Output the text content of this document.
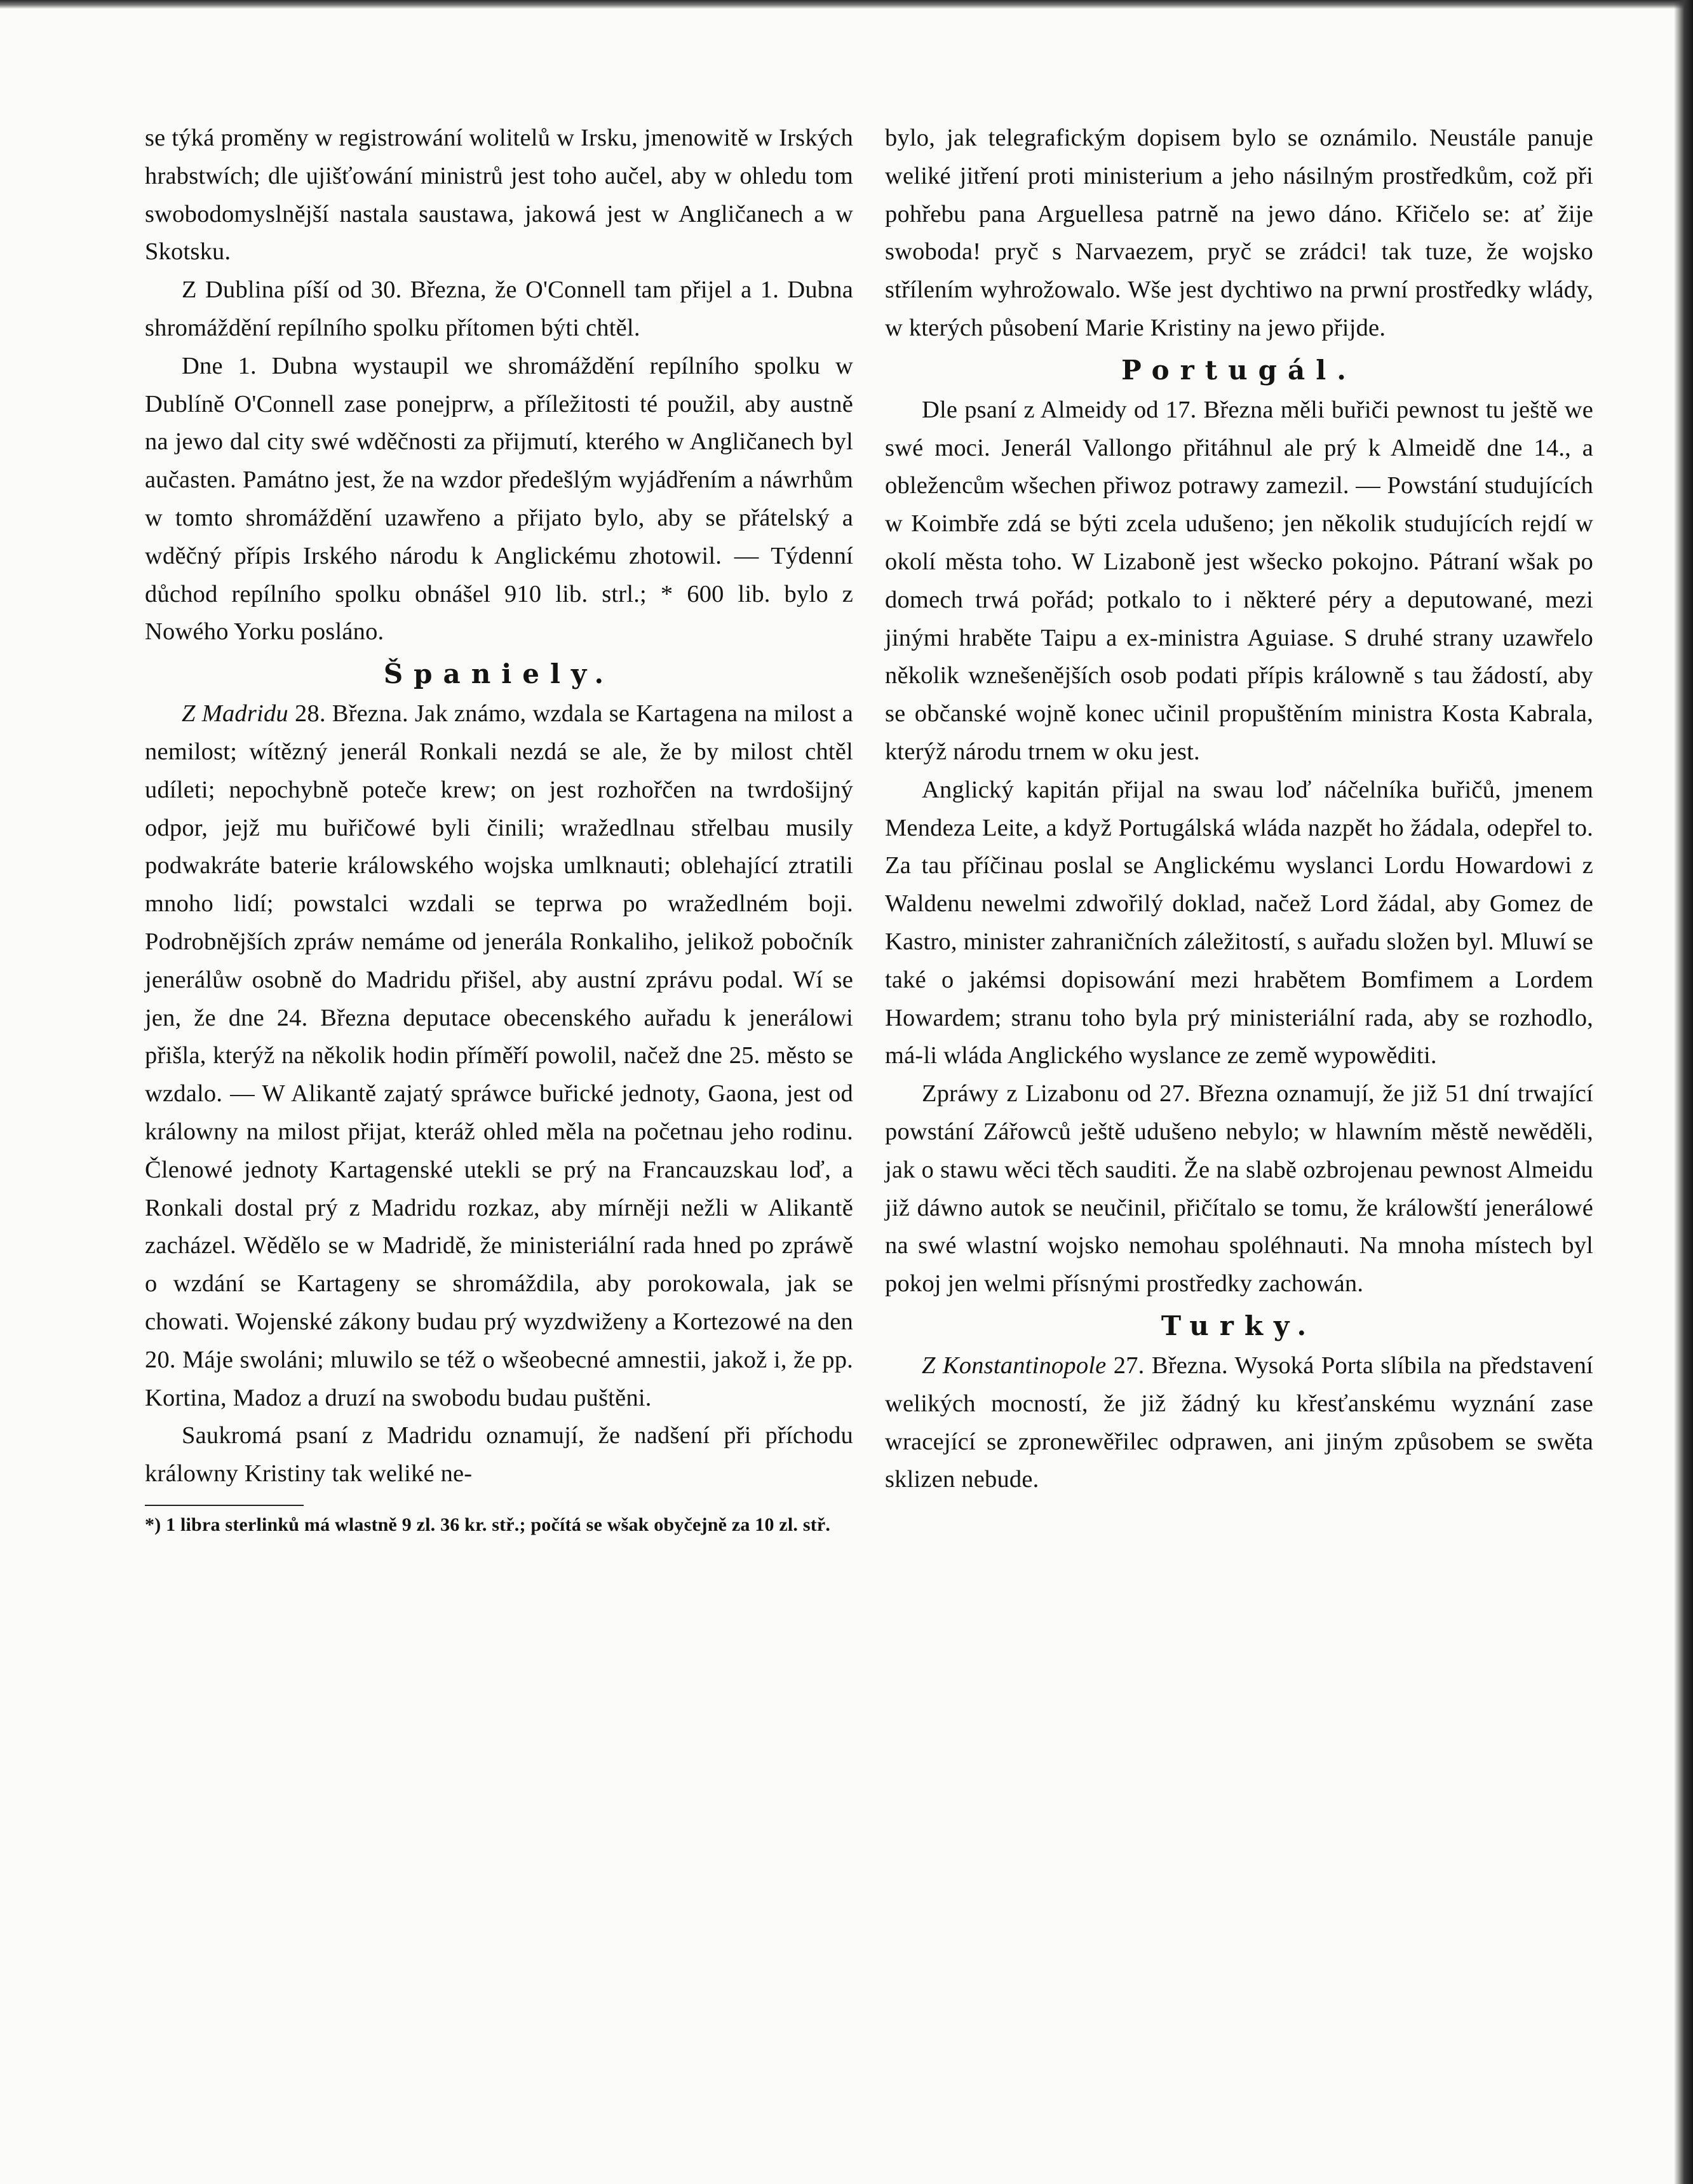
se týká proměny w registrowání wolitelů w Irsku, jmenowitě w Irských hrabstwích; dle ujišťowání ministrů jest toho aučel, aby w ohledu tom swobodomyslnější nastala saustawa, jakowá jest w Angličanech a w Skotsku.

Z Dublina píší od 30. Března, že O'Connell tam přijel a 1. Dubna shromáždění repílního spolku přítomen býti chtěl.

Dne 1. Dubna wystaupil we shromáždění repílního spolku w Dublíně O'Connell zase ponejprw, a příležitosti té použil, aby austně na jewo dal city swé wděčnosti za přijmutí, kterého w Angličanech byl aučasten. Památno jest, že na wzdor předešlým wyjádřením a náwrhům w tomto shromáždění uzawřeno a přijato bylo, aby se přátelský a wděčný přípis Irského národu k Anglickému zhotowil. — Týdenní důchod repílního spolku obnášel 910 lib. strl.; * 600 lib. bylo z Nowého Yorku posláno.

Španiely.

Z Madridu 28. Března. Jak známo, wzdala se Kartagena na milost a nemilost; wítězný jenerál Ronkali nezdá se ale, že by milost chtěl udíleti; nepochybně poteče krew; on jest rozhořčen na twrdošijný odpor, jejž mu buřičowé byli činili; wražedlnau střelbau musily podwakráte baterie králowského wojska umlknauti; oblehající ztratili mnoho lidí; powstalci wzdali se teprwa po wražedlném boji. Podrobnějších zpráw nemáme od jenerála Ronkaliho, jelikož pobočník jenerálůw osobně do Madridu přišel, aby austní zprávu podal. Wí se jen, že dne 24. Března deputace obecenského auřadu k jenerálowi přišla, kterýž na několik hodin příměří powolil, načež dne 25. město se wzdalo. — W Alikantě zajatý spráwce buřické jednoty, Gaona, jest od králowny na milost přijat, kteráž ohled měla na početnau jeho rodinu. Členowé jednoty Kartagenské utekli se prý na Francauzskau loď, a Ronkali dostal prý z Madridu rozkaz, aby mírněji nežli w Alikantě zacházel. Wědělo se w Madridě, že ministeriální rada hned po zpráwě o wzdání se Kartageny se shromáždila, aby porokowala, jak se chowati. Wojenské zákony budau prý wyzdwiženy a Kortezowé na den 20. Máje swoláni; mluwilo se též o wšeobecné amnestii, jakož i, že pp. Kortina, Madoz a druzí na swobodu budau puštěni.

Saukromá psaní z Madridu oznamují, že nadšení při příchodu králowny Kristiny tak weliké ne-

*) 1 libra sterlinků má wlastně 9 zl. 36 kr. stř.; počítá se wšak obyčejně za 10 zl. stř.

bylo, jak telegrafickým dopisem bylo se oznámilo. Neustále panuje weliké jitření proti ministerium a jeho násilným prostředkům, což při pohřebu pana Arguellesa patrně na jewo dáno. Křičelo se: ať žije swoboda! pryč s Narvaezem, pryč se zrádci! tak tuze, že wojsko střílením wyhrožowalo. Wše jest dychtiwo na prwní prostředky wlády, w kterých působení Marie Kristiny na jewo přijde.

Portugál.

Dle psaní z Almeidy od 17. Března měli buřiči pewnost tu ještě we swé moci. Jenerál Vallongo přitáhnul ale prý k Almeidě dne 14., a obležencům wšechen přiwoz potrawy zamezil. — Powstání studujících w Koimbře zdá se býti zcela udušeno; jen několik studujících rejdí w okolí města toho. W Lizaboně jest wšecko pokojno. Pátraní wšak po domech trwá pořád; potkalo to i některé péry a deputowané, mezi jinými hraběte Taipu a ex-ministra Aguiase. S druhé strany uzawřelo několik wznešenějších osob podati přípis králowně s tau žádostí, aby se občanské wojně konec učinil propuštěním ministra Kosta Kabrala, kterýž národu trnem w oku jest.

Anglický kapitán přijal na swau loď náčelníka buřičů, jmenem Mendeza Leite, a když Portugálská wláda nazpět ho žádala, odepřel to. Za tau příčinau poslal se Anglickému wyslanci Lordu Howardowi z Waldenu newelmi zdwořilý doklad, načež Lord žádal, aby Gomez de Kastro, minister zahraničních záležitostí, s auřadu složen byl. Mluwí se také o jakémsi dopisowání mezi hrabětem Bomfimem a Lordem Howardem; stranu toho byla prý ministeriální rada, aby se rozhodlo, má-li wláda Anglického wyslance ze země wypowěditi.

Zpráwy z Lizabonu od 27. Března oznamují, že již 51 dní trwající powstání Zářowců ještě udušeno nebylo; w hlawním městě newěděli, jak o stawu wěci těch sauditi. Že na slabě ozbrojenau pewnost Almeidu již dáwno autok se neučinil, přičítalo se tomu, že králowští jenerálowé na swé wlastní wojsko nemohau spoléhnauti. Na mnoha místech byl pokoj jen welmi přísnými prostředky zachowán.

Turky.

Z Konstantinopole 27. Března. Wysoká Porta slíbila na představení welikých mocností, že již žádný ku křesťanskému wyznání zase wracející se zpronewěřilec odprawen, ani jiným způsobem se swěta sklizen nebude.
